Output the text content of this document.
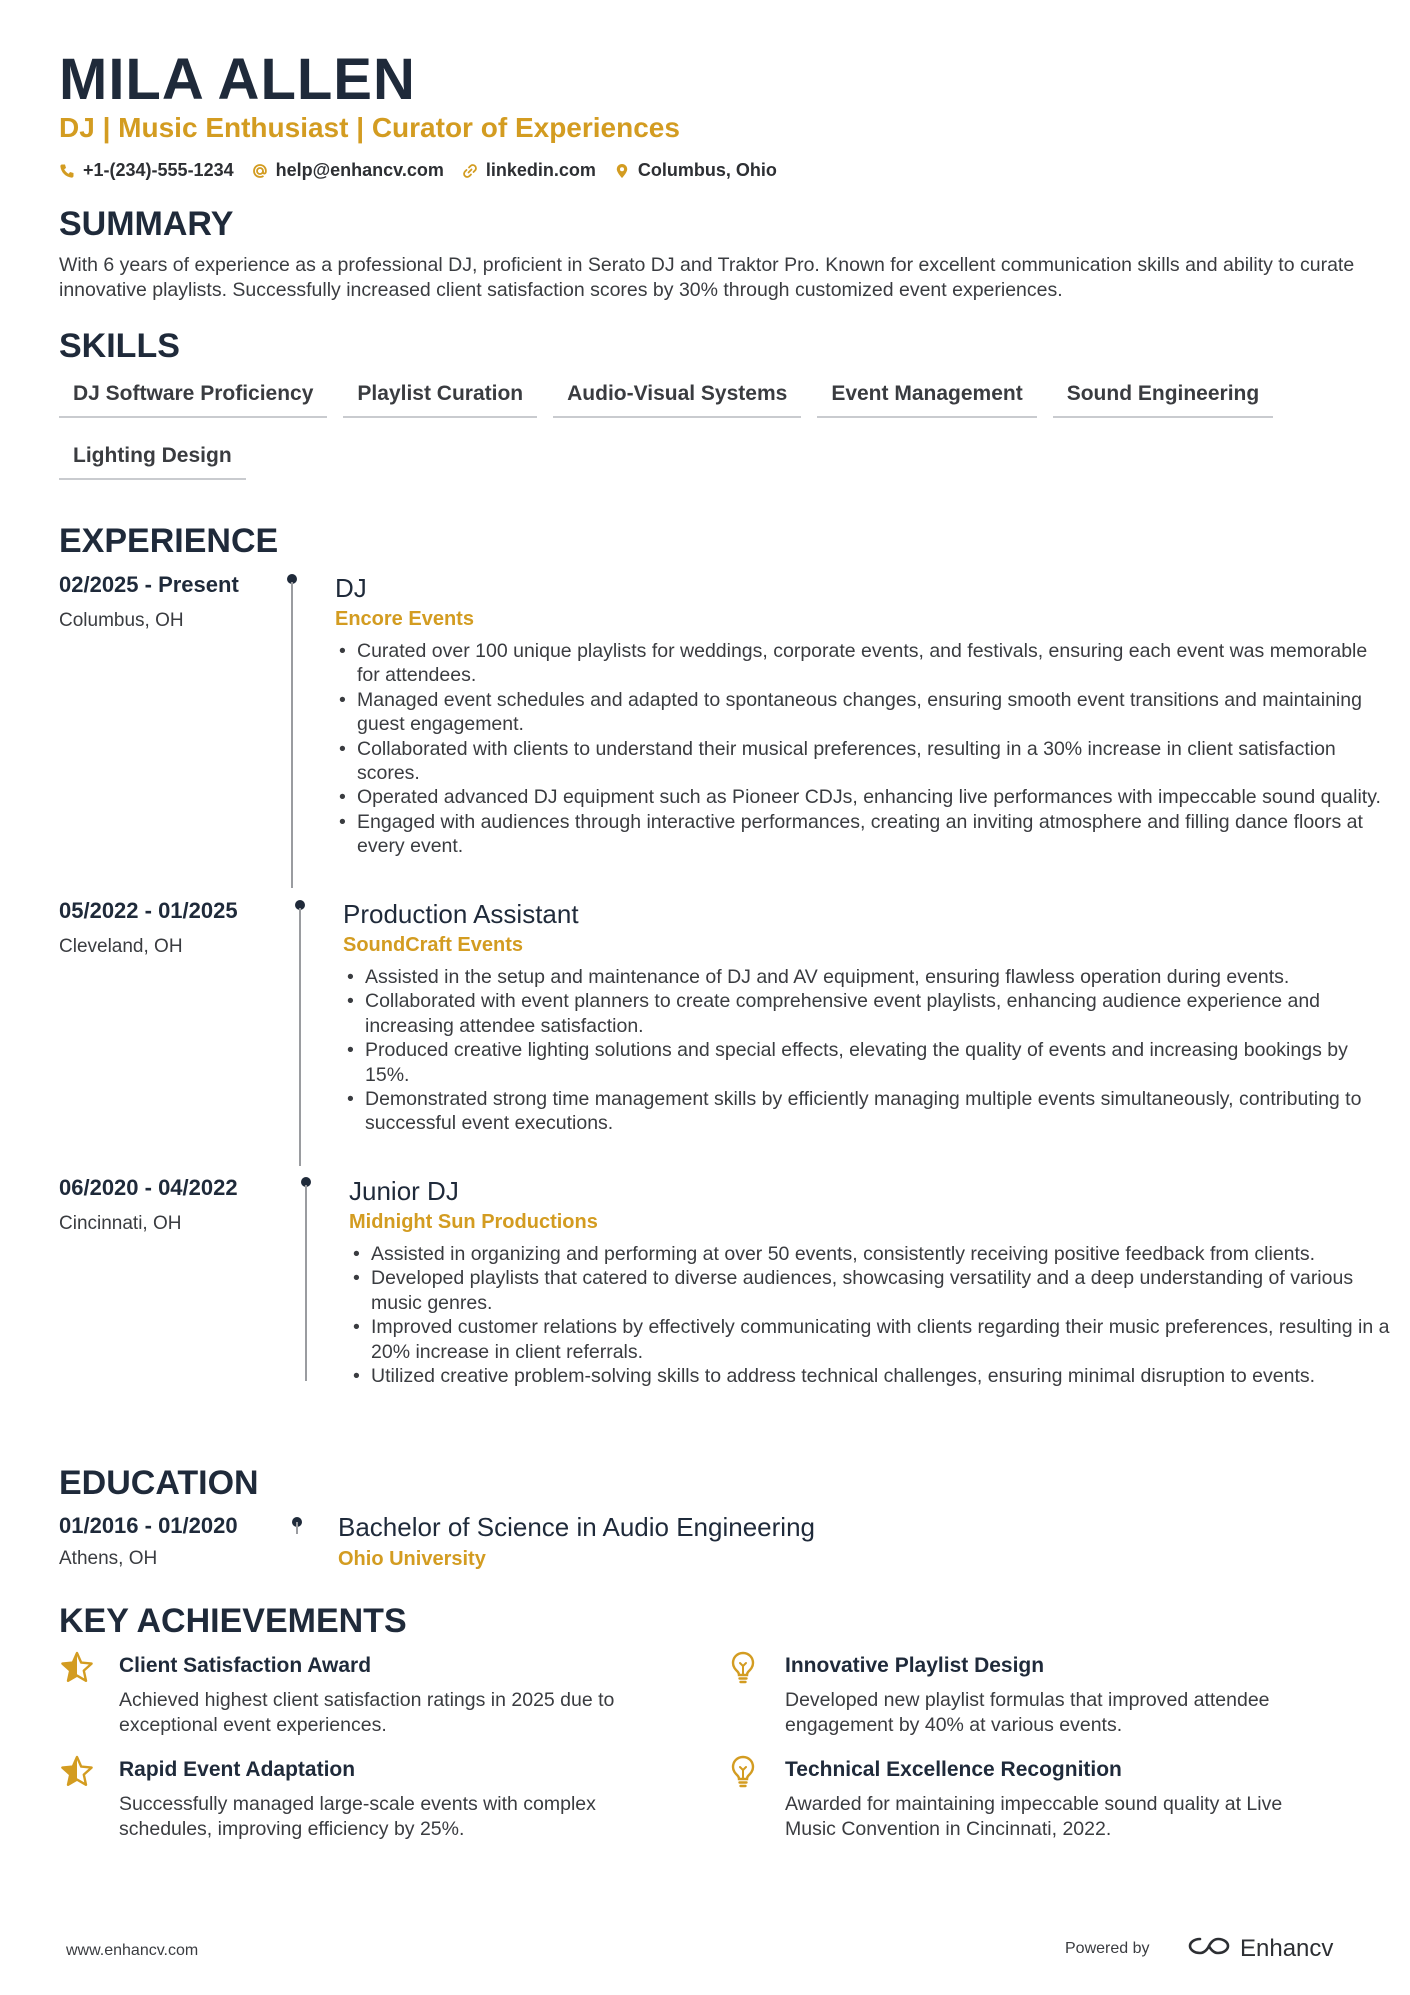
MILA ALLEN
DJ | Music Enthusiast | Curator of Experiences
+1-(234)-555-1234 help@enhancv.com linkedin.com Columbus, Ohio
SUMMARY
With 6 years of experience as a professional DJ, proficient in Serato DJ and Traktor Pro. Known for excellent communication skills and ability to curate innovative playlists. Successfully increased client satisfaction scores by 30% through customized event experiences.
SKILLS
DJ Software Proficiency	Playlist Curation	Audio-Visual Systems	Event Management	Sound Engineering
Lighting Design
EXPERIENCE
02/2025 - Present
Columbus, OH
DJ
Encore Events
• Curated over 100 unique playlists for weddings, corporate events, and festivals, ensuring each event was memorable for attendees.
• Managed event schedules and adapted to spontaneous changes, ensuring smooth event transitions and maintaining guest engagement.
• Collaborated with clients to understand their musical preferences, resulting in a 30% increase in client satisfaction scores.
• Operated advanced DJ equipment such as Pioneer CDJs, enhancing live performances with impeccable sound quality.
• Engaged with audiences through interactive performances, creating an inviting atmosphere and filling dance floors at every event.
05/2022 - 01/2025
Cleveland, OH
Production Assistant
SoundCraft Events
• Assisted in the setup and maintenance of DJ and AV equipment, ensuring flawless operation during events.
• Collaborated with event planners to create comprehensive event playlists, enhancing audience experience and increasing attendee satisfaction.
• Produced creative lighting solutions and special effects, elevating the quality of events and increasing bookings by 15%.
• Demonstrated strong time management skills by efficiently managing multiple events simultaneously, contributing to successful event executions.
06/2020 - 04/2022
Cincinnati, OH
Junior DJ
Midnight Sun Productions
• Assisted in organizing and performing at over 50 events, consistently receiving positive feedback from clients.
• Developed playlists that catered to diverse audiences, showcasing versatility and a deep understanding of various music genres.
• Improved customer relations by effectively communicating with clients regarding their music preferences, resulting in a 20% increase in client referrals.
• Utilized creative problem-solving skills to address technical challenges, ensuring minimal disruption to events.
EDUCATION
01/2016 - 01/2020
Athens, OH
Bachelor of Science in Audio Engineering
Ohio University
KEY ACHIEVEMENTS
Client Satisfaction Award
Achieved highest client satisfaction ratings in 2025 due to exceptional event experiences.
Innovative Playlist Design
Developed new playlist formulas that improved attendee engagement by 40% at various events.
Rapid Event Adaptation
Successfully managed large-scale events with complex schedules, improving efficiency by 25%.
Technical Excellence Recognition
Awarded for maintaining impeccable sound quality at Live Music Convention in Cincinnati, 2022.
www.enhancv.com	Powered by	Enhancv
